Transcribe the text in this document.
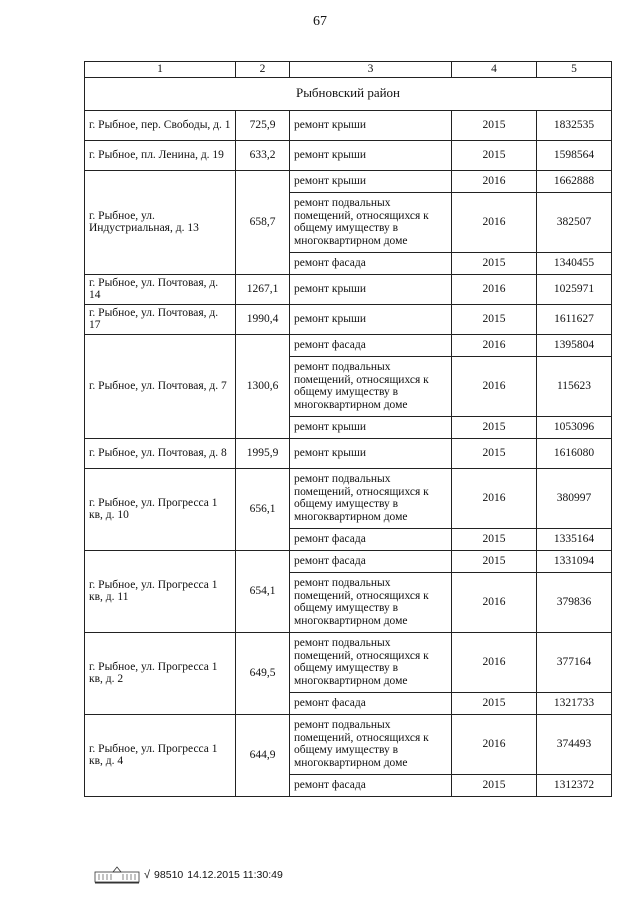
67
1	2	3	4	5
Рыбновский район				
г. Рыбное, пер. Свободы, д. 1	725,9	ремонт крыши	2015	1832535
г. Рыбное, пл. Ленина, д. 19	633,2	ремонт крыши	2015	1598564
г. Рыбное, ул. Индустриальная, д. 13	658,7	ремонт крыши	2016	1662888
		ремонт подвальных помещений, относящихся к общему имуществу в многоквартирном доме	2016	382507
		ремонт фасада	2015	1340455
г. Рыбное, ул. Почтовая, д. 14	1267,1	ремонт крыши	2016	1025971
г. Рыбное, ул. Почтовая, д. 17	1990,4	ремонт крыши	2015	1611627
г. Рыбное, ул. Почтовая, д. 7	1300,6	ремонт фасада	2016	1395804
		ремонт подвальных помещений, относящихся к общему имуществу в многоквартирном доме	2016	115623
		ремонт крыши	2015	1053096
г. Рыбное, ул. Почтовая, д. 8	1995,9	ремонт крыши	2015	1616080
г. Рыбное, ул. Прогресса 1 кв, д. 10	656,1	ремонт подвальных помещений, относящихся к общему имуществу в многоквартирном доме	2016	380997
		ремонт фасада	2015	1335164
г. Рыбное, ул. Прогресса 1 кв, д. 11	654,1	ремонт фасада	2015	1331094
		ремонт подвальных помещений, относящихся к общему имуществу в многоквартирном доме	2016	379836
г. Рыбное, ул. Прогресса 1 кв, д. 2	649,5	ремонт подвальных помещений, относящихся к общему имуществу в многоквартирном доме	2016	377164
		ремонт фасада	2015	1321733
г. Рыбное, ул. Прогресса 1 кв, д. 4	644,9	ремонт подвальных помещений, относящихся к общему имуществу в многоквартирном доме	2016	374493
		ремонт фасада	2015	1312372
√ 98510 14.12.2015 11:30:49
